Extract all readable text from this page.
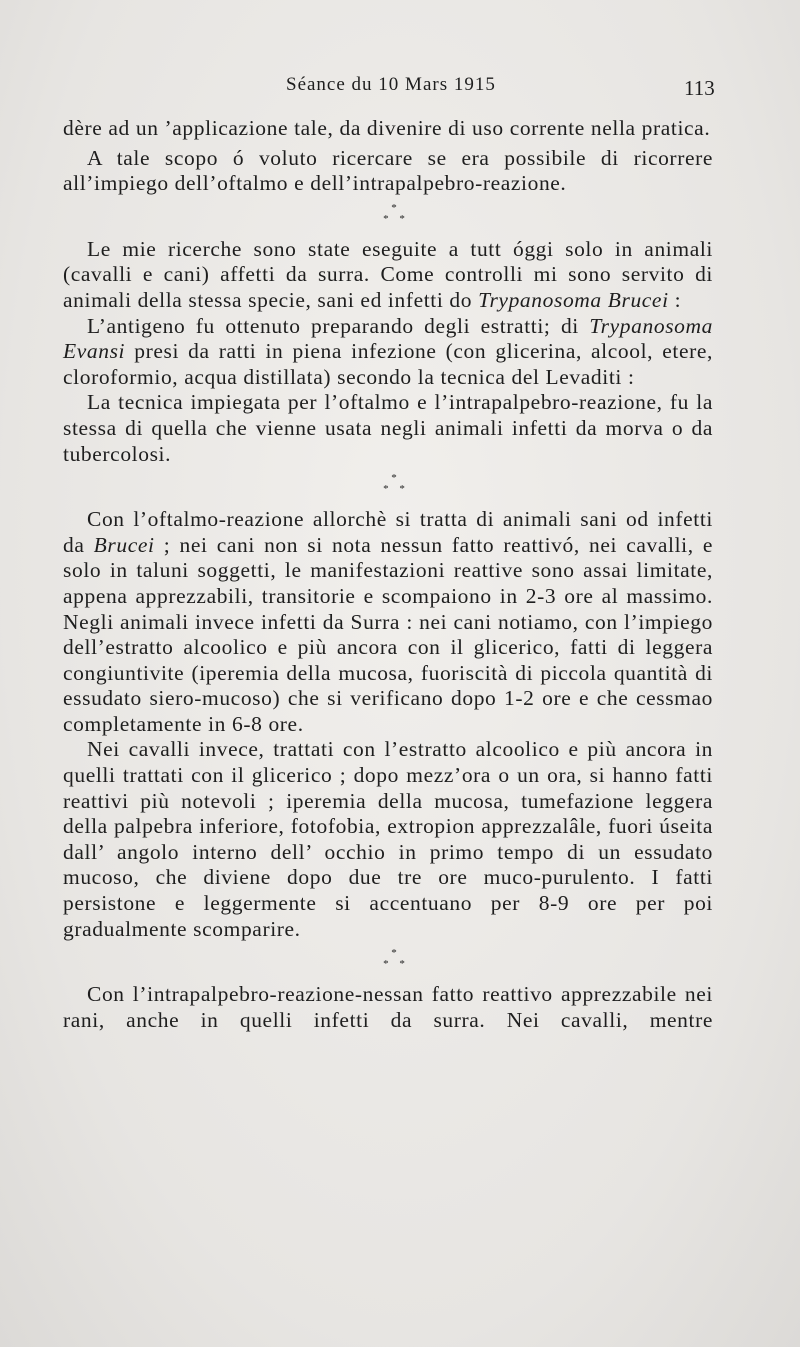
Séance du 10 Mars 1915	113

dère ad un ’applicazione tale, da divenire di uso corrente nella pratica.

A tale scopo ó voluto ricercare se era possibile di ricorrere all’impiego dell’oftalmo e dell’intrapalpebro-reazione.

*
* *

Le mie ricerche sono state eseguite a tutt óggi solo in animali (cavalli e cani) affetti da surra. Come controlli mi sono servito di animali della stessa specie, sani ed infetti do Trypanosoma Brucei :

L’antigeno fu ottenuto preparando degli estratti; di Trypanosoma Evansi presi da ratti in piena infezione (con glicerina, alcool, etere, cloroformio, acqua distillata) secondo la tecnica del Levaditi :

La tecnica impiegata per l’oftalmo e l’intrapalpebro-reazione, fu la stessa di quella che vienne usata negli animali infetti da morva o da tubercolosi.

*
* *

Con l’oftalmo-reazione allorchè si tratta di animali sani od infetti da Brucei ; nei cani non si nota nessun fatto reattivó, nei cavalli, e solo in taluni soggetti, le manifestazioni reattive sono assai limitate, appena apprezzabili, transitorie e scompaiono in 2-3 ore al massimo. Negli animali invece infetti da Surra : nei cani notiamo, con l’impiego dell’estratto alcoolico e più ancora con il glicerico, fatti di leggera congiuntivite (iperemia della mucosa, fuoriscità di piccola quantità di essudato siero-mucoso) che si verificano dopo 1-2 ore e che cessmao completamente in 6-8 ore.

Nei cavalli invece, trattati con l’estratto alcoolico e più ancora in quelli trattati con il glicerico ; dopo mezz’ora o un ora, si hanno fatti reattivi più notevoli ; iperemia della mucosa, tumefazione leggera della palpebra inferiore, fotofobia, extropion apprezzalâle, fuori úseita dall’ angolo interno dell’ occhio in primo tempo di un essudato mucoso, che diviene dopo due tre ore muco-purulento. I fatti persistone e leggermente si accentuano per 8-9 ore per poi gradualmente scomparire.

*
* *

Con l’intrapalpebro-reazione-nessan fatto reattivo apprezzabile nei rani, anche in quelli infetti da surra. Nei cavalli, mentre
